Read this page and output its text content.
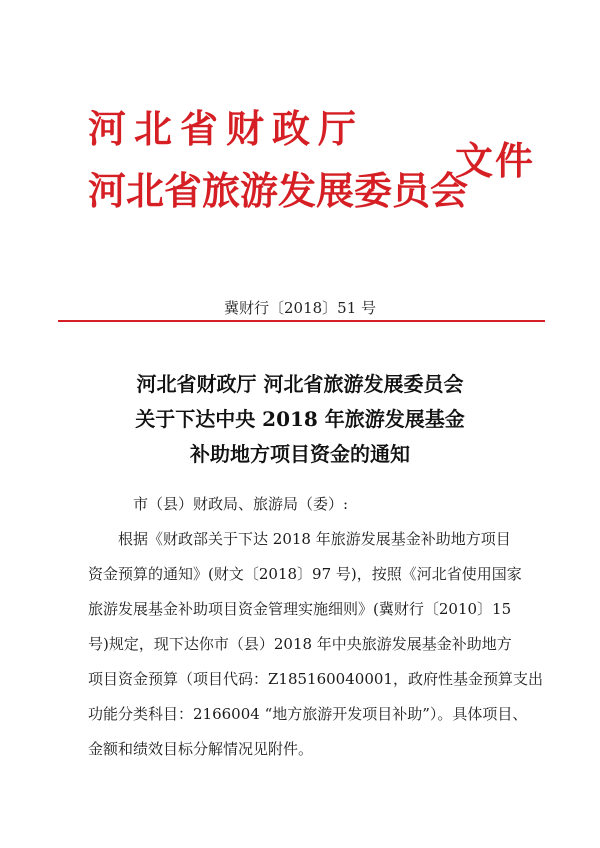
河北省财政厅
河北省旅游发展委员会
文件
冀财行〔2018〕51 号
河北省财政厅 河北省旅游发展委员会
关于下达中央 2018 年旅游发展基金
补助地方项目资金的通知
市（县）财政局、旅游局（委）:
根据《财政部关于下达 2018 年旅游发展基金补助地方项目
资金预算的通知》(财文〔2018〕97 号)，按照《河北省使用国家
旅游发展基金补助项目资金管理实施细则》(冀财行〔2010〕15
号)规定，现下达你市（县）2018 年中央旅游发展基金补助地方
项目资金预算（项目代码：Z185160040001，政府性基金预算支出
功能分类科目：2166004 “地方旅游开发项目补助”）。具体项目、
金额和绩效目标分解情况见附件。
